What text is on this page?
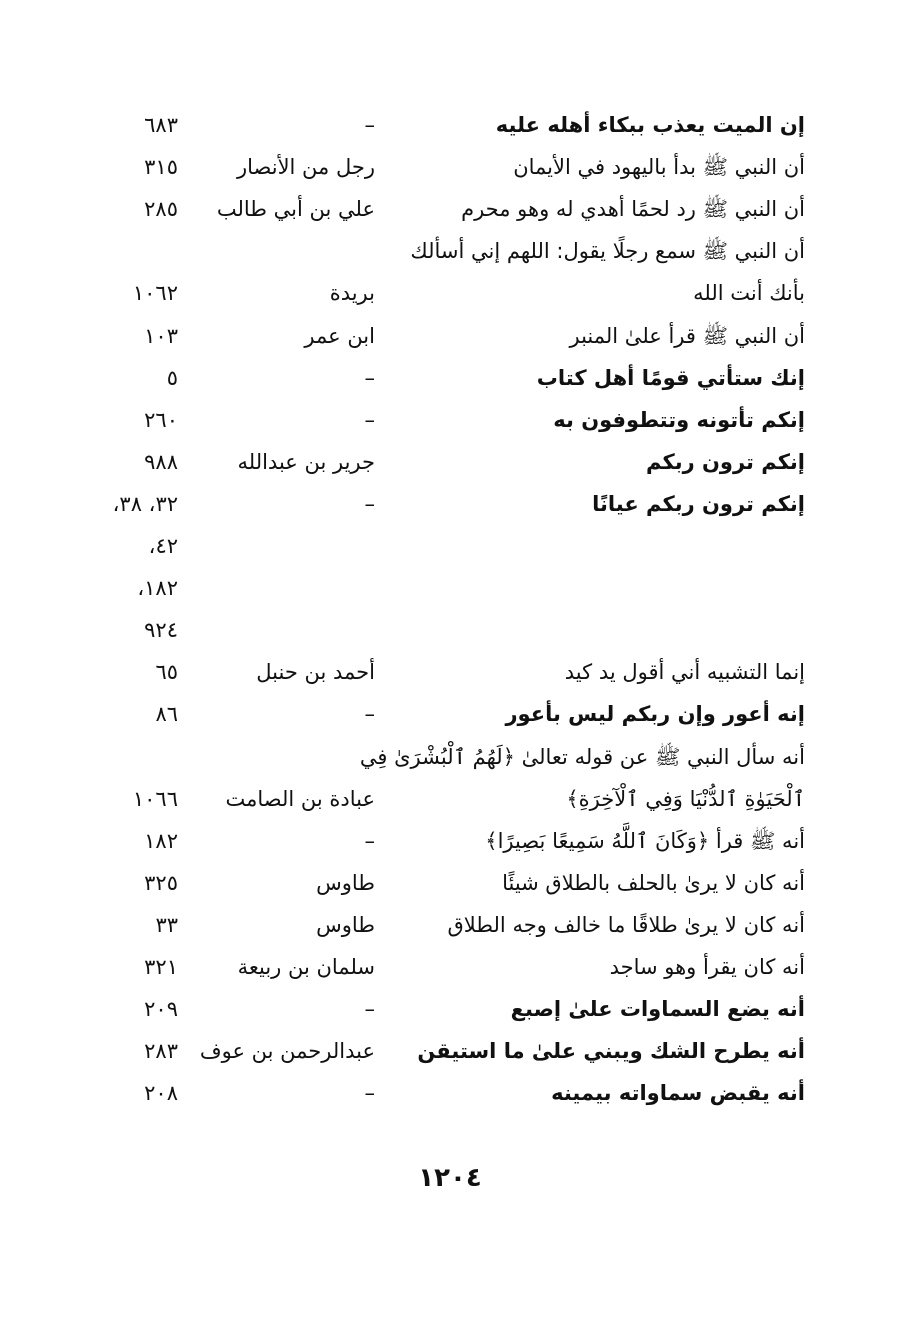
إن الميت يعذب ببكاء أهله عليه
–
٦٨٣
أن النبي ﷺ بدأ باليهود في الأيمان
رجل من الأنصار
٣١٥
أن النبي ﷺ رد لحمًا أهدي له وهو محرم
علي بن أبي طالب
٢٨٥
أن النبي ﷺ سمع رجلًا يقول: اللهم إني أسألك
بأنك أنت الله
بريدة
١٠٦٢
أن النبي ﷺ قرأ علىٰ المنبر
ابن عمر
١٠٣
إنك ستأتي قومًا أهل كتاب
–
٥
إنكم تأتونه وتتطوفون به
–
٢٦٠
إنكم ترون ربكم
جرير بن عبدالله
٩٨٨
إنكم ترون ربكم عيانًا
–
٣٢، ٣٨،
٤٢،
١٨٢،
٩٢٤
إنما التشبيه أني أقول يد كيد
أحمد بن حنبل
٦٥
إنه أعور وإن ربكم ليس بأعور
–
٨٦
أنه سأل النبي ﷺ عن قوله تعالىٰ ﴿لَهُمُ ٱلْبُشْرَىٰ فِي
ٱلْحَيَوٰةِ ٱلدُّنْيَا وَفِي ٱلْآخِرَةِ﴾
عبادة بن الصامت
١٠٦٦
أنه ﷺ قرأ ﴿وَكَانَ ٱللَّهُ سَمِيعًا بَصِيرًا﴾
–
١٨٢
أنه كان لا يرىٰ بالحلف بالطلاق شيئًا
طاوس
٣٢٥
أنه كان لا يرىٰ طلاقًا ما خالف وجه الطلاق
طاوس
٣٣
أنه كان يقرأ وهو ساجد
سلمان بن ربيعة
٣٢١
أنه يضع السماوات علىٰ إصبع
–
٢٠٩
أنه يطرح الشك ويبني علىٰ ما استيقن
عبدالرحمن بن عوف
٢٨٣
أنه يقبض سماواته بيمينه
–
٢٠٨
١٢٠٤
